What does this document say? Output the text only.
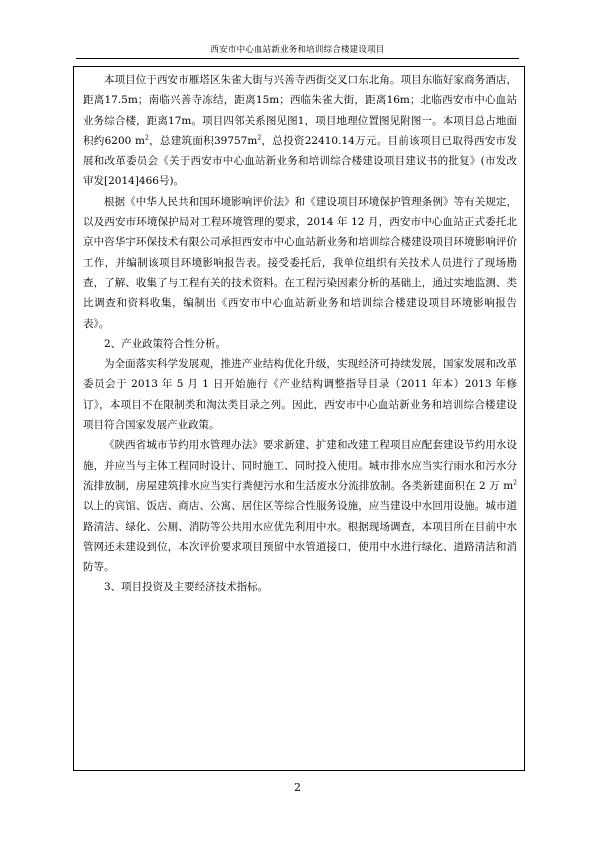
西安市中心血站新业务和培训综合楼建设项目

本项目位于西安市雁塔区朱雀大街与兴善寺西街交叉口东北角。项目东临好家商务酒店，距离17.5m；南临兴善寺冻结，距离15m；西临朱雀大街，距离16m；北临西安市中心血站业务综合楼，距离17m。项目四邻关系图见图1，项目地理位置图见附图一。本项目总占地面积约6200 $m^2$，总建筑面积$39757m^2$，总投资22410.14万元。目前该项目已取得西安市发展和改革委员会《关于西安市中心血站新业务和培训综合楼建设项目建议书的批复》(市发改审发[2014]466号)。

根据《中华人民共和国环境影响评价法》和《建设项目环境保护管理条例》等有关规定，以及西安市环境保护局对工程环境管理的要求，2014 年 12 月，西安市中心血站正式委托北京中咨华宇环保技术有限公司承担西安市中心血站新业务和培训综合楼建设项目环境影响评价工作，并编制该项目环境影响报告表。接受委托后，我单位组织有关技术人员进行了现场勘查，了解、收集了与工程有关的技术资料。在工程污染因素分析的基础上，通过实地监测、类比调查和资料收集，编制出《西安市中心血站新业务和培训综合楼建设项目环境影响报告表》。

2、产业政策符合性分析。

为全面落实科学发展观，推进产业结构优化升级，实现经济可持续发展，国家发展和改革委员会于 2013 年 5 月 1 日开始施行《产业结构调整指导目录（2011 年本）2013 年修订》，本项目不在限制类和淘汰类目录之列。因此，西安市中心血站新业务和培训综合楼建设项目符合国家发展产业政策。

《陕西省城市节约用水管理办法》要求新建、扩建和改建工程项目应配套建设节约用水设施，并应当与主体工程同时设计、同时施工、同时投入使用。城市排水应当实行雨水和污水分流排放制，房屋建筑排水应当实行粪便污水和生活废水分流排放制。各类新建面积在 2 万 $m^2$以上的宾馆、饭店、商店、公寓、居住区等综合性服务设施，应当建设中水回用设施。城市道路清洁、绿化、公厕、消防等公共用水应优先利用中水。根据现场调查，本项目所在目前中水管网还未建设到位，本次评价要求项目预留中水管道接口，使用中水进行绿化、道路清洁和消防等。

3、项目投资及主要经济技术指标。

2
